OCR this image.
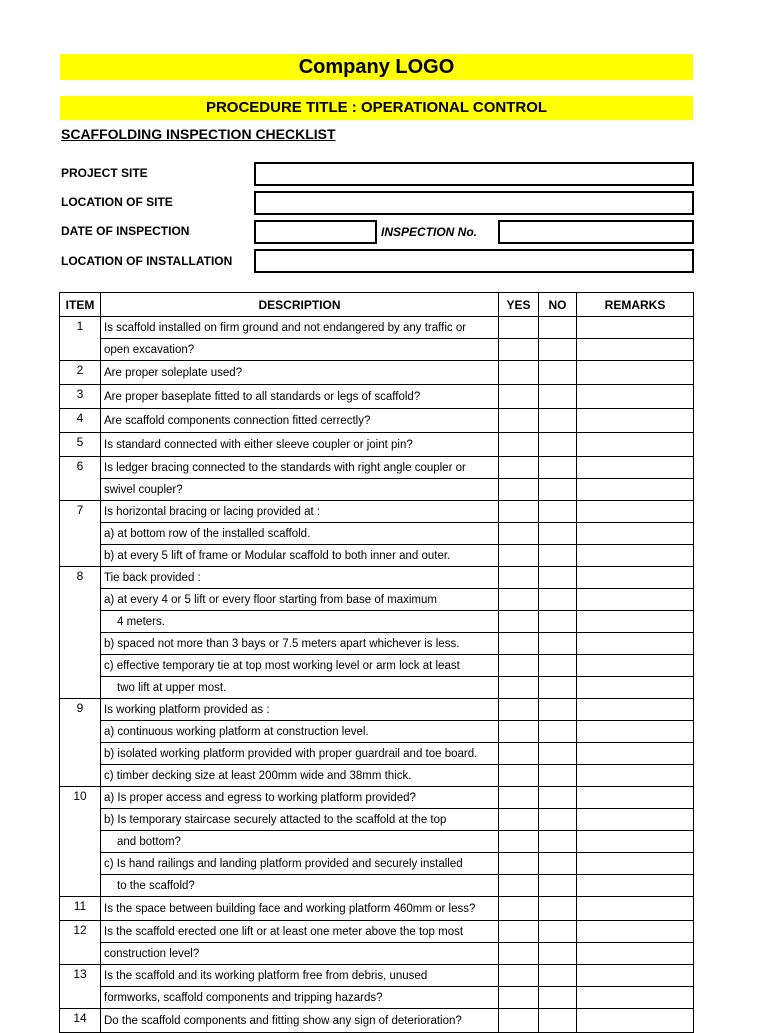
Company LOGO
PROCEDURE TITLE : OPERATIONAL CONTROL
SCAFFOLDING INSPECTION CHECKLIST
PROJECT SITE
LOCATION OF SITE
DATE OF INSPECTION	INSPECTION No.
LOCATION OF INSTALLATION
ITEM	DESCRIPTION	YES	NO	REMARKS
1	Is scaffold installed on firm ground and not endangered by any traffic or			
	open excavation?			
2	Are proper soleplate used?			
3	Are proper baseplate fitted to all standards or legs of scaffold?			
4	Are scaffold components connection fitted cerrectly?			
5	Is standard connected with either sleeve coupler or joint pin?			
6	Is ledger bracing connected to the standards with right angle coupler or			
	swivel coupler?			
7	Is horizontal bracing or lacing provided at :			
	a) at bottom row of the installed scaffold.			
	b) at every 5 lift of frame or Modular scaffold to both inner and outer.			
8	Tie back provided :			
	a) at every 4 or 5 lift or every floor starting from base of maximum			
	4 meters.			
	b) spaced not more than 3 bays or 7.5 meters apart whichever is less.			
	c) effective temporary tie at top most working level or arm lock at least			
	two lift at upper most.			
9	Is working platform provided as :			
	a) continuous working platform at construction level.			
	b) isolated working platform provided with proper guardrail and toe board.			
	c) timber decking size at least 200mm wide and 38mm thick.			
10	a) Is proper access and egress to working platform provided?			
	b) Is temporary staircase securely attacted to the scaffold at the top			
	and bottom?			
	c) Is hand railings and landing platform provided and securely installed			
	to the scaffold?			
11	Is the space between building face and working platform 460mm or less?			
12	Is the scaffold erected one lift or at least one meter above the top most			
	construction level?			
13	Is the scaffold and its working platform free from debris, unused			
	formworks, scaffold components and tripping hazards?			
14	Do the scaffold components and fitting show any sign of deterioration?			
